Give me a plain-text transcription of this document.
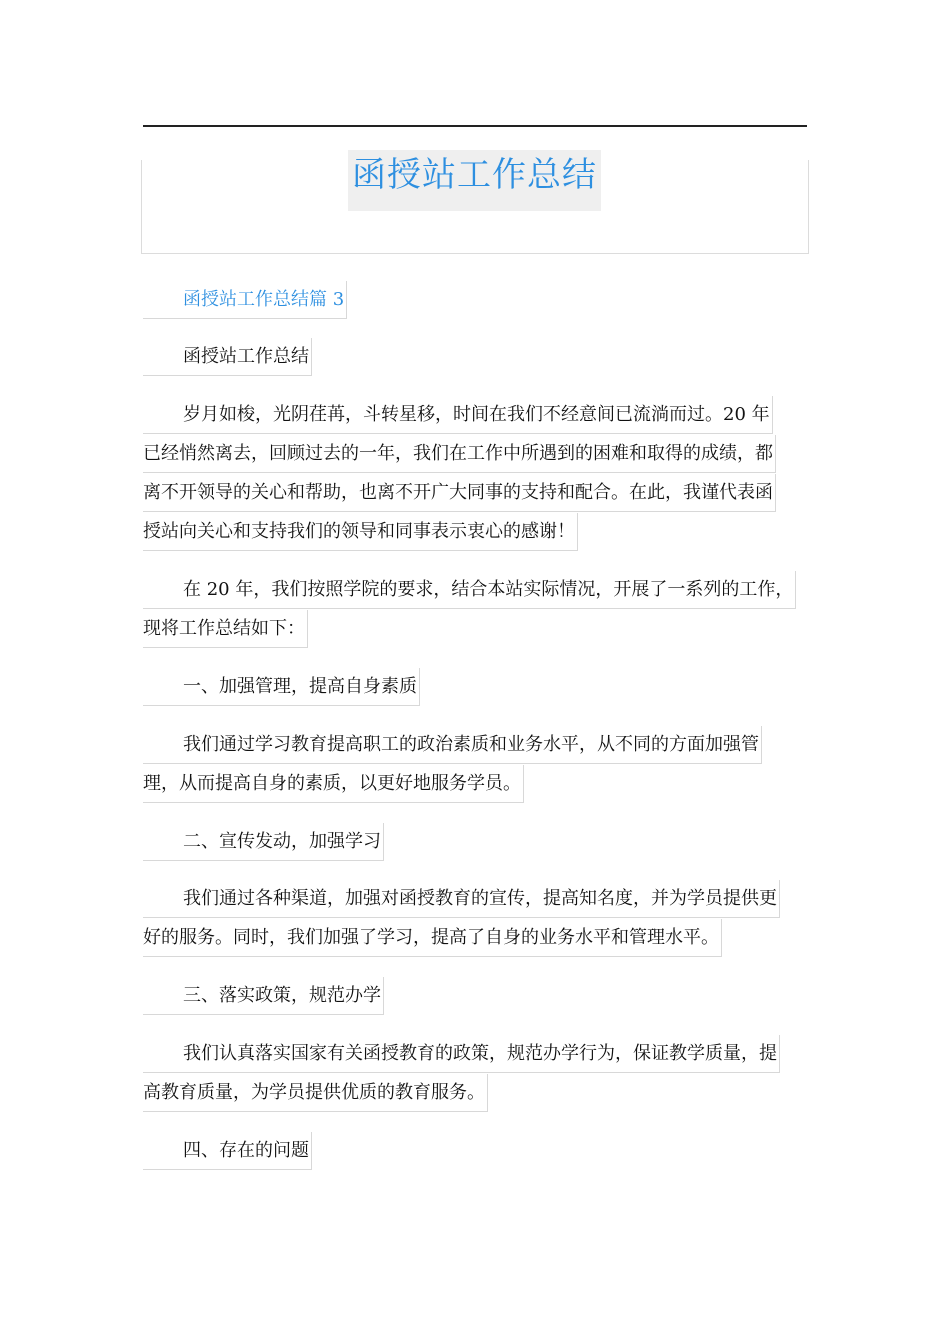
函授站工作总结
函授站工作总结篇 3
函授站工作总结
岁月如梭，光阴荏苒，斗转星移，时间在我们不经意间已流淌而过。20 年
已经悄然离去，回顾过去的一年，我们在工作中所遇到的困难和取得的成绩，都
离不开领导的关心和帮助，也离不开广大同事的支持和配合。在此，我谨代表函
授站向关心和支持我们的领导和同事表示衷心的感谢！
在 20 年，我们按照学院的要求，结合本站实际情况，开展了一系列的工作，
现将工作总结如下：
一、加强管理，提高自身素质
我们通过学习教育提高职工的政治素质和业务水平，从不同的方面加强管
理，从而提高自身的素质，以更好地服务学员。
二、宣传发动，加强学习
我们通过各种渠道，加强对函授教育的宣传，提高知名度，并为学员提供更
好的服务。同时，我们加强了学习，提高了自身的业务水平和管理水平。
三、落实政策，规范办学
我们认真落实国家有关函授教育的政策，规范办学行为，保证教学质量，提
高教育质量，为学员提供优质的教育服务。
四、存在的问题
